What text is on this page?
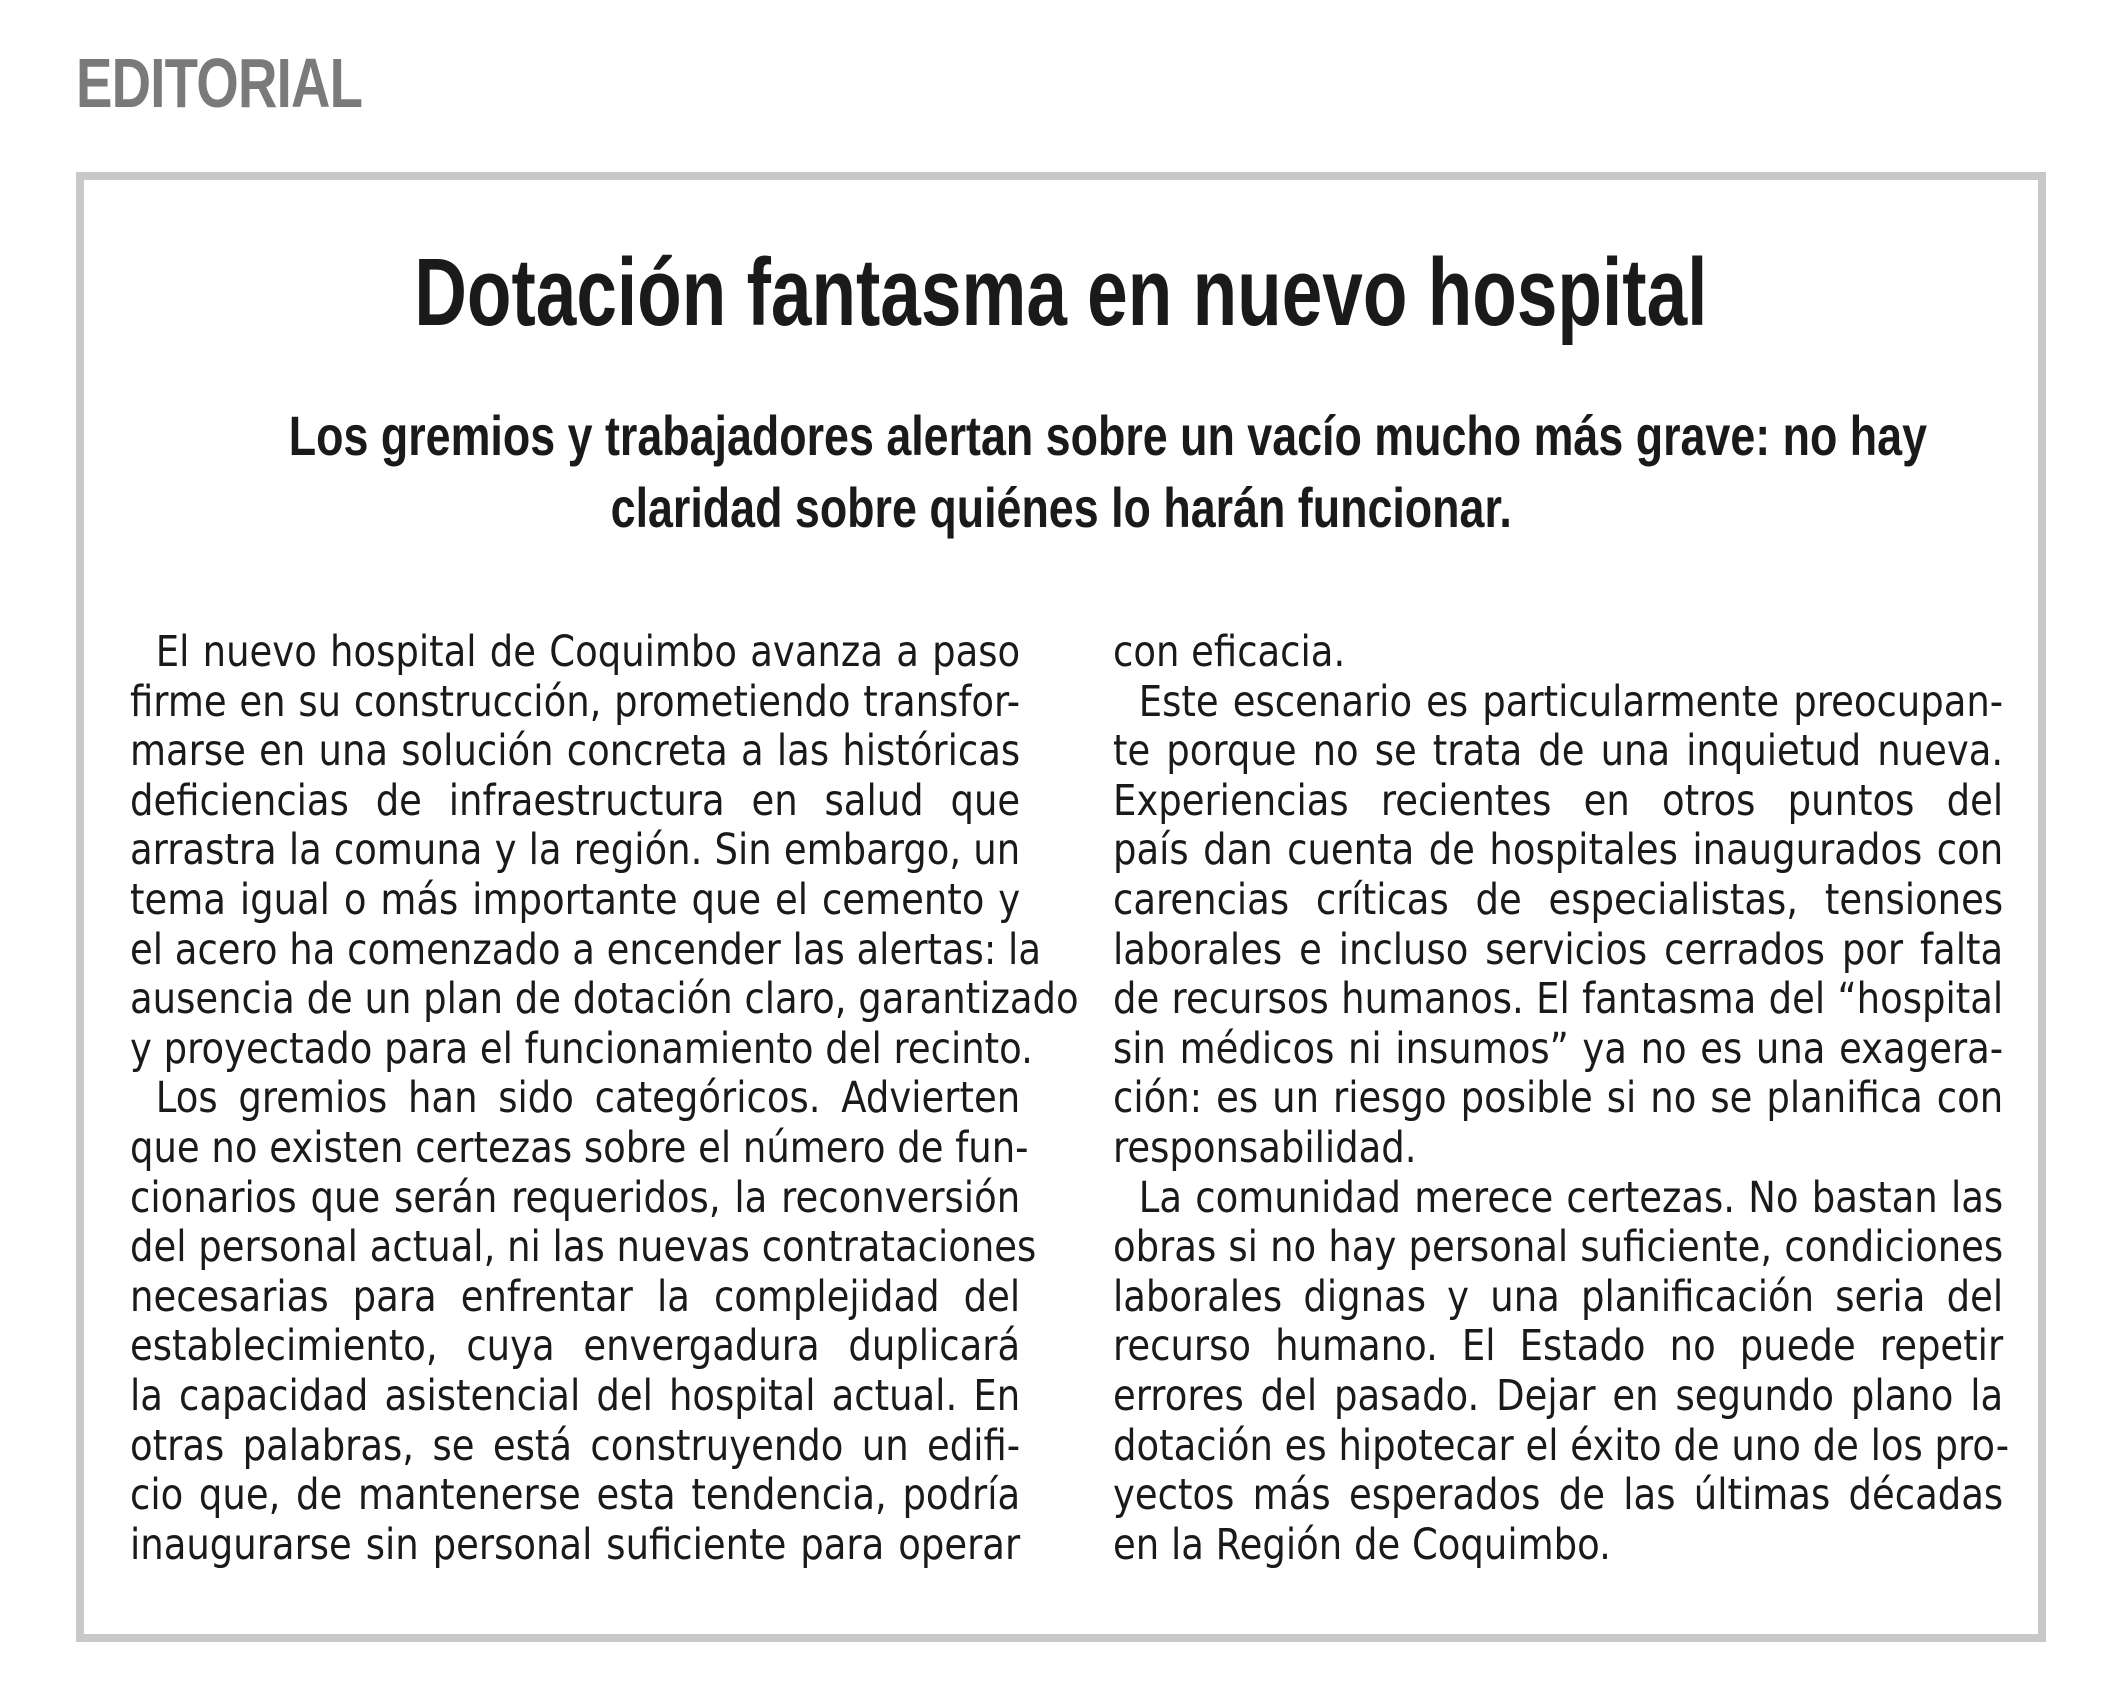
EDITORIAL
Dotación fantasma en nuevo hospital
Los gremios y trabajadores alertan sobre un vacío mucho más grave: no hay
claridad sobre quiénes lo harán funcionar.
El nuevo hospital de Coquimbo avanza a paso
firme en su construcción, prometiendo transfor-
marse en una solución concreta a las históricas
deficiencias de infraestructura en salud que
arrastra la comuna y la región. Sin embargo, un
tema igual o más importante que el cemento y
el acero ha comenzado a encender las alertas: la
ausencia de un plan de dotación claro, garantizado
y proyectado para el funcionamiento del recinto.
Los gremios han sido categóricos. Advierten
que no existen certezas sobre el número de fun-
cionarios que serán requeridos, la reconversión
del personal actual, ni las nuevas contrataciones
necesarias para enfrentar la complejidad del
establecimiento, cuya envergadura duplicará
la capacidad asistencial del hospital actual. En
otras palabras, se está construyendo un edifi-
cio que, de mantenerse esta tendencia, podría
inaugurarse sin personal suficiente para operar
con eficacia.
Este escenario es particularmente preocupan-
te porque no se trata de una inquietud nueva.
Experiencias recientes en otros puntos del
país dan cuenta de hospitales inaugurados con
carencias críticas de especialistas, tensiones
laborales e incluso servicios cerrados por falta
de recursos humanos. El fantasma del “hospital
sin médicos ni insumos” ya no es una exagera-
ción: es un riesgo posible si no se planifica con
responsabilidad.
La comunidad merece certezas. No bastan las
obras si no hay personal suficiente, condiciones
laborales dignas y una planificación seria del
recurso humano. El Estado no puede repetir
errores del pasado. Dejar en segundo plano la
dotación es hipotecar el éxito de uno de los pro-
yectos más esperados de las últimas décadas
en la Región de Coquimbo.
